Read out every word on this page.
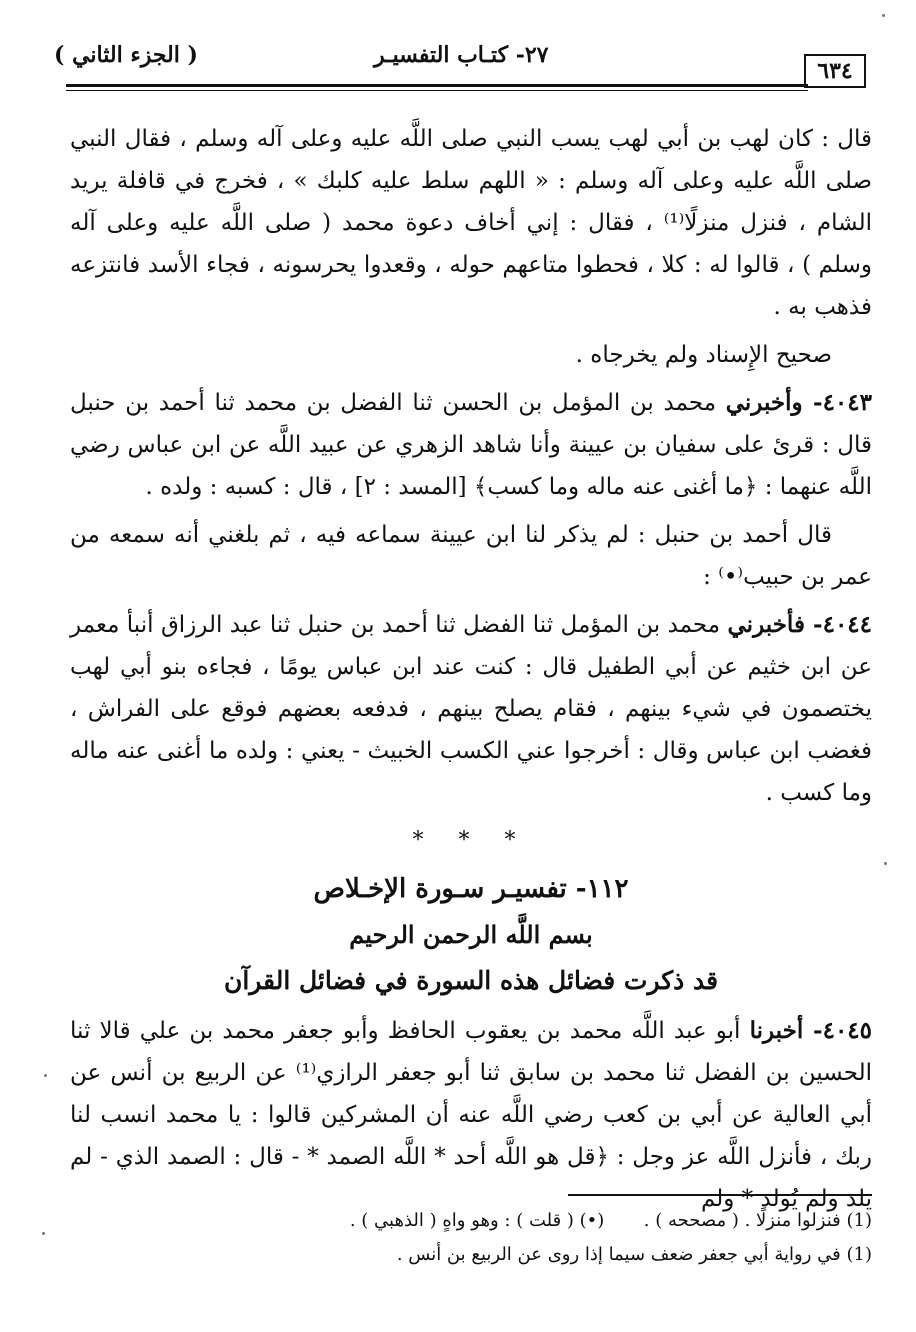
٦٣٤
٢٧- كتـاب التفسيـر
( الجزء الثاني )

قال : كان لهب بن أبي لهب يسب النبي صلى اللَّه عليه وعلى آله وسلم ، فقال النبي صلى اللَّه عليه وعلى آله وسلم : « اللهم سلط عليه كلبك » ، فخرج في قافلة يريد الشام ، فنزل منزلًا⁽¹⁾ ، فقال : إني أخاف دعوة محمد ( صلى اللَّه عليه وعلى آله وسلم ) ، قالوا له : كلا ، فحطوا متاعهم حوله ، وقعدوا يحرسونه ، فجاء الأسد فانتزعه فذهب به .

صحيح الإِسناد ولم يخرجاه .

٤٠٤٣- وأخبرني محمد بن المؤمل بن الحسن ثنا الفضل بن محمد ثنا أحمد بن حنبل قال : قرئ على سفيان بن عيينة وأنا شاهد الزهري عن عبيد اللَّه عن ابن عباس رضي اللَّه عنهما : ﴿ما أغنى عنه ماله وما كسب﴾ [المسد : ٢] ، قال : كسبه : ولده .

قال أحمد بن حنبل : لم يذكر لنا ابن عيينة سماعه فيه ، ثم بلغني أنه سمعه من عمر بن حبيب⁽•⁾ :

٤٠٤٤- فأخبرني محمد بن المؤمل ثنا الفضل ثنا أحمد بن حنبل ثنا عبد الرزاق أنبأ معمر عن ابن خثيم عن أبي الطفيل قال : كنت عند ابن عباس يومًا ، فجاءه بنو أبي لهب يختصمون في شيء بينهم ، فقام يصلح بينهم ، فدفعه بعضهم فوقع على الفراش ، فغضب ابن عباس وقال : أخرجوا عني الكسب الخبيث - يعني : ولده ما أغنى عنه ماله وما كسب .

* * *
١١٢- تفسيـر سـورة الإخـلاص
بسم اللَّه الرحمن الرحيم
قد ذكرت فضائل هذه السورة في فضائل القرآن

٤٠٤٥- أخبرنا أبو عبد اللَّه محمد بن يعقوب الحافظ وأبو جعفر محمد بن علي قالا ثنا الحسين بن الفضل ثنا محمد بن سابق ثنا أبو جعفر الرازي⁽¹⁾ عن الربيع بن أنس عن أبي العالية عن أبي بن كعب رضي اللَّه عنه أن المشركين قالوا : يا محمد انسب لنا ربك ، فأنزل اللَّه عز وجل : ﴿قل هو اللَّه أحد * اللَّه الصمد * - قال : الصمد الذي - لم يلد ولم يُولد * ولم

(1) فنزلوا منزلًا . ( مصححه ) .  (•) ( قلت ) : وهو واهٍ ( الذهبي ) .
(1) في رواية أبي جعفر ضعف سيما إذا روى عن الربيع بن أنس .
